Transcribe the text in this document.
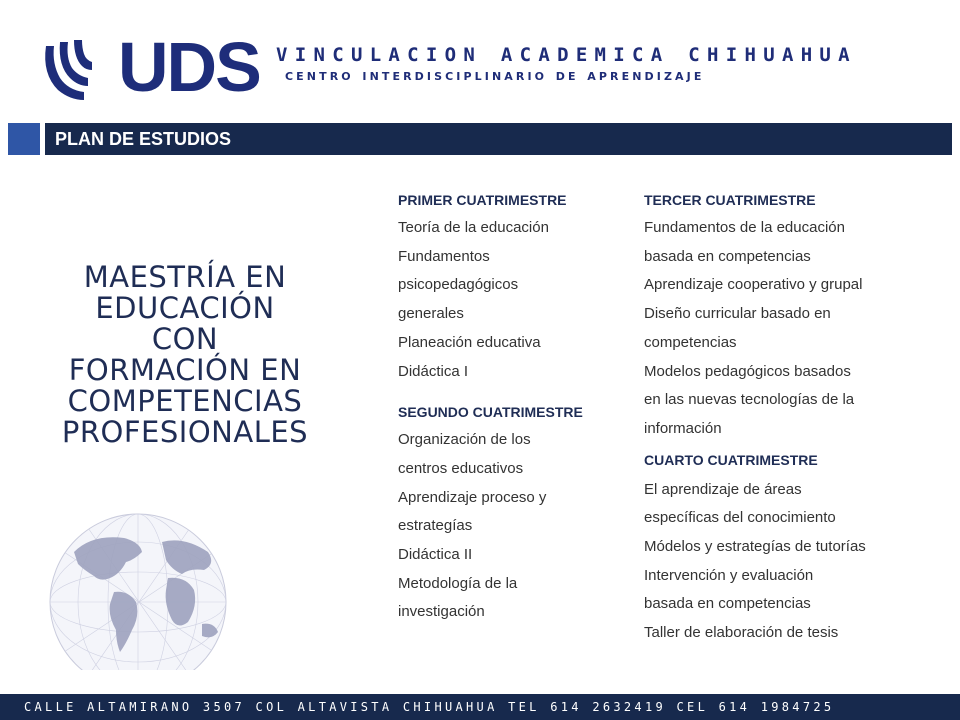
UDS VINCULACION ACADEMICA CHIHUAHUA
centro interdisciplinario de aprendizaje
PLAN DE ESTUDIOS
MAESTRÍA EN
EDUCACIÓN
CON
FORMACIÓN EN
COMPETENCIAS
PROFESIONALES
PRIMER CUATRIMESTRE
Teoría de la educación
Fundamentos
psicopedagógicos
generales
Planeación educativa
Didáctica I
SEGUNDO CUATRIMESTRE
Organización de los
centros educativos
Aprendizaje proceso y
estrategías
Didáctica II
Metodología de la
investigación
TERCER CUATRIMESTRE
Fundamentos de la educación
basada en competencias
Aprendizaje cooperativo y grupal
Diseño curricular basado en
competencias
Modelos pedagógicos basados
en las nuevas tecnologías de la
información
CUARTO CUATRIMESTRE
El aprendizaje de áreas
específicas del conocimiento
Módelos y estrategías de tutorías
Intervención y evaluación
basada en competencias
Taller de elaboración de tesis
CALLE ALTAMIRANO 3507 COL ALTAVISTA CHIHUAHUA TEL 614 2632419 CEL 614 1984725
